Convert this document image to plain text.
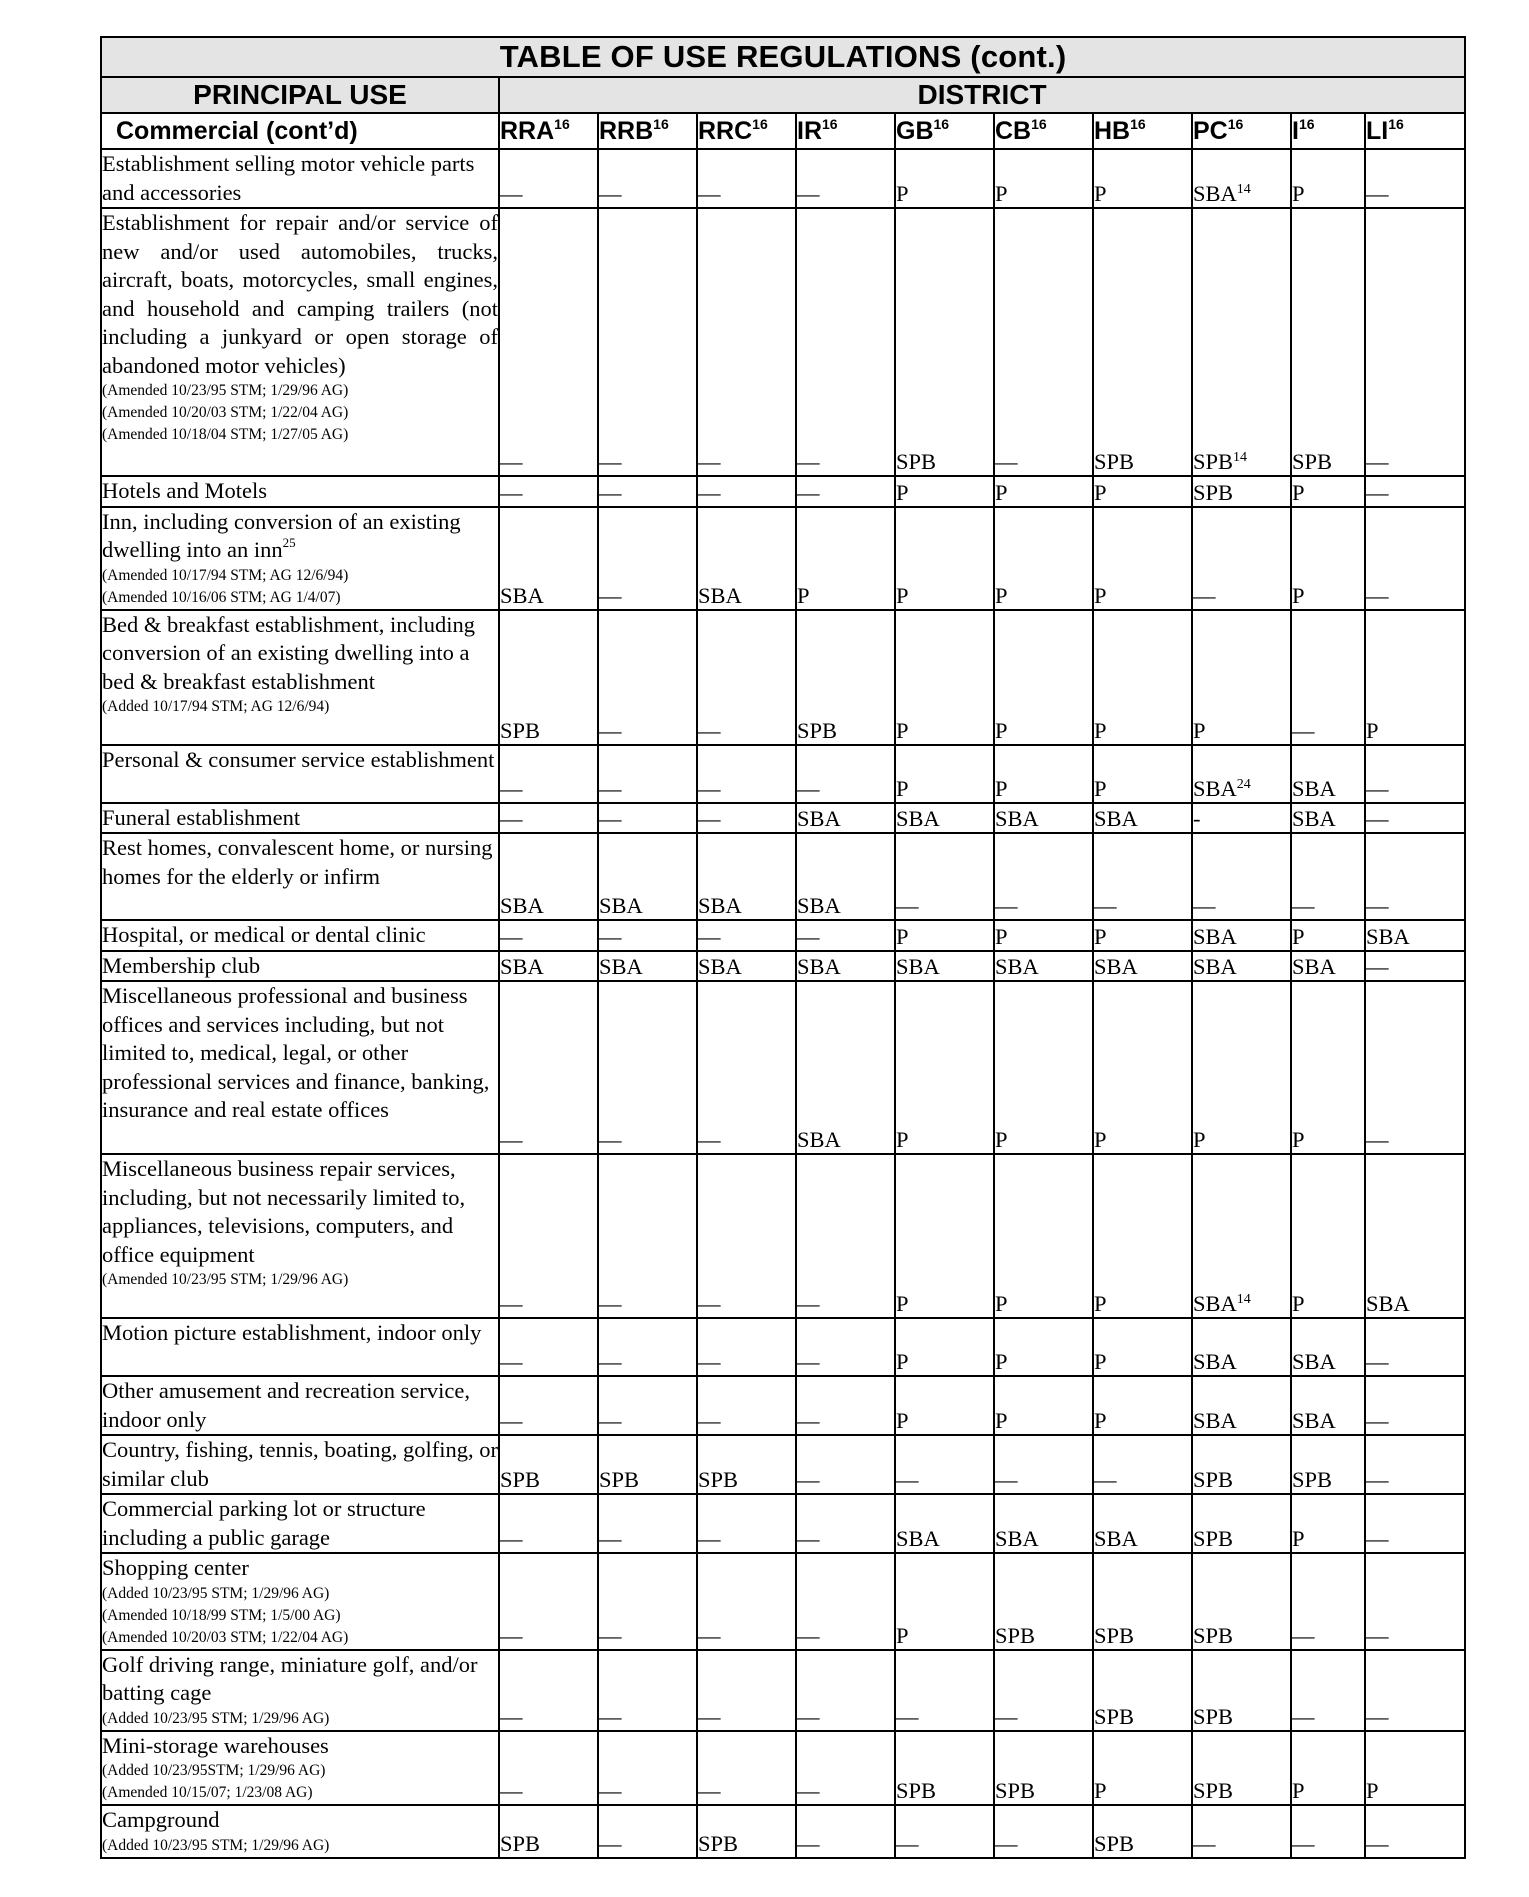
TABLE OF USE REGULATIONS (cont.)										
PRINCIPAL USE	DISTRICT									
Commercial (cont’d)	RRA$^{16}$	RRB$^{16}$	RRC$^{16}$	IR$^{16}$	GB$^{16}$	CB$^{16}$	HB$^{16}$	PC$^{16}$	I$^{16}$	LI$^{16}$

Establishment selling motor vehicle parts and accessories	—	—	—	—	P	P	P	SBA$^{14}$	P	—

Establishment for repair and/or service of new and/or used automobiles, trucks, aircraft, boats, motorcycles, small engines, and household and camping trailers (not including a junkyard or open storage of abandoned motor vehicles)
(Amended 10/23/95 STM; 1/29/96 AG)
(Amended 10/20/03 STM; 1/22/04 AG)
(Amended 10/18/04 STM; 1/27/05 AG)	—	—	—	—	SPB	—	SPB	SPB$^{14}$	SPB	—

Hotels and Motels	—	—	—	—	P	P	P	SPB	P	—

Inn, including conversion of an existing dwelling into an inn$^{25}$
(Amended 10/17/94 STM; AG 12/6/94)
(Amended 10/16/06 STM; AG 1/4/07)	SBA	—	SBA	P	P	P	P	—	P	—

Bed & breakfast establishment, including conversion of an existing dwelling into a bed & breakfast establishment
(Added 10/17/94 STM; AG 12/6/94)	SPB	—	—	SPB	P	P	P	P	—	P

Personal & consumer service establishment	—	—	—	—	P	P	P	SBA$^{24}$	SBA	—

Funeral establishment	—	—	—	SBA	SBA	SBA	SBA	-	SBA	—

Rest homes, convalescent home, or nursing homes for the elderly or infirm	SBA	SBA	SBA	SBA	—	—	—	—	—	—

Hospital, or medical or dental clinic	—	—	—	—	P	P	P	SBA	P	SBA

Membership club	SBA	SBA	SBA	SBA	SBA	SBA	SBA	SBA	SBA	—

Miscellaneous professional and business offices and services including, but not limited to, medical, legal, or other professional services and finance, banking, insurance and real estate offices	—	—	—	SBA	P	P	P	P	P	—

Miscellaneous business repair services, including, but not necessarily limited to, appliances, televisions, computers, and office equipment
(Amended 10/23/95 STM; 1/29/96 AG)	—	—	—	—	P	P	P	SBA$^{14}$	P	SBA

Motion picture establishment, indoor only	—	—	—	—	P	P	P	SBA	SBA	—

Other amusement and recreation service, indoor only	—	—	—	—	P	P	P	SBA	SBA	—

Country, fishing, tennis, boating, golfing, or similar club	SPB	SPB	SPB	—	—	—	—	SPB	SPB	—

Commercial parking lot or structure including a public garage	—	—	—	—	SBA	SBA	SBA	SPB	P	—

Shopping center
(Added 10/23/95 STM; 1/29/96 AG)
(Amended 10/18/99 STM; 1/5/00 AG)
(Amended 10/20/03 STM; 1/22/04 AG)	—	—	—	—	P	SPB	SPB	SPB	—	—

Golf driving range, miniature golf, and/or batting cage
(Added 10/23/95 STM; 1/29/96 AG)	—	—	—	—	—	—	SPB	SPB	—	—

Mini-storage warehouses
(Added 10/23/95STM; 1/29/96 AG)
(Amended 10/15/07; 1/23/08 AG)	—	—	—	—	SPB	SPB	P	SPB	P	P

Campground
(Added 10/23/95 STM; 1/29/96 AG)	SPB	—	SPB	—	—	—	SPB	—	—	—
